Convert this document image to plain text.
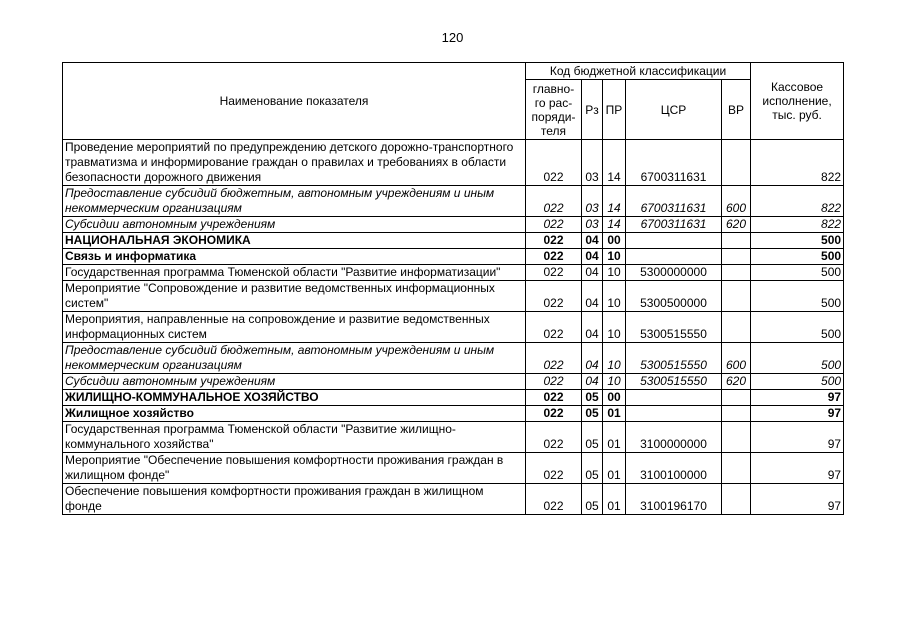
120
Наименование показателя	Код бюджетной классификации					Кассовое исполнение, тыс. руб.
	главно-го рас-поряди-теля	Рз	ПР	ЦСР	ВР	
Проведение мероприятий по предупреждению детского дорожно-транспортного травматизма и информирование граждан о правилах и требованиях в области безопасности дорожного движения	022	03	14	6700311631		822
Предоставление субсидий бюджетным, автономным учреждениям и иным некоммерческим организациям	022	03	14	6700311631	600	822
Субсидии автономным учреждениям	022	03	14	6700311631	620	822
НАЦИОНАЛЬНАЯ ЭКОНОМИКА	022	04	00			500
Связь и информатика	022	04	10			500
Государственная программа Тюменской области "Развитие информатизации"	022	04	10	5300000000		500
Мероприятие "Сопровождение и развитие ведомственных информационных систем"	022	04	10	5300500000		500
Мероприятия, направленные на сопровождение и развитие ведомственных информационных систем	022	04	10	5300515550		500
Предоставление субсидий бюджетным, автономным учреждениям и иным некоммерческим организациям	022	04	10	5300515550	600	500
Субсидии автономным учреждениям	022	04	10	5300515550	620	500
ЖИЛИЩНО-КОММУНАЛЬНОЕ ХОЗЯЙСТВО	022	05	00			97
Жилищное хозяйство	022	05	01			97
Государственная программа Тюменской области "Развитие жилищно-коммунального хозяйства"	022	05	01	3100000000		97
Мероприятие "Обеспечение повышения комфортности проживания граждан в жилищном фонде"	022	05	01	3100100000		97
Обеспечение повышения комфортности проживания граждан в жилищном фонде	022	05	01	3100196170		97
